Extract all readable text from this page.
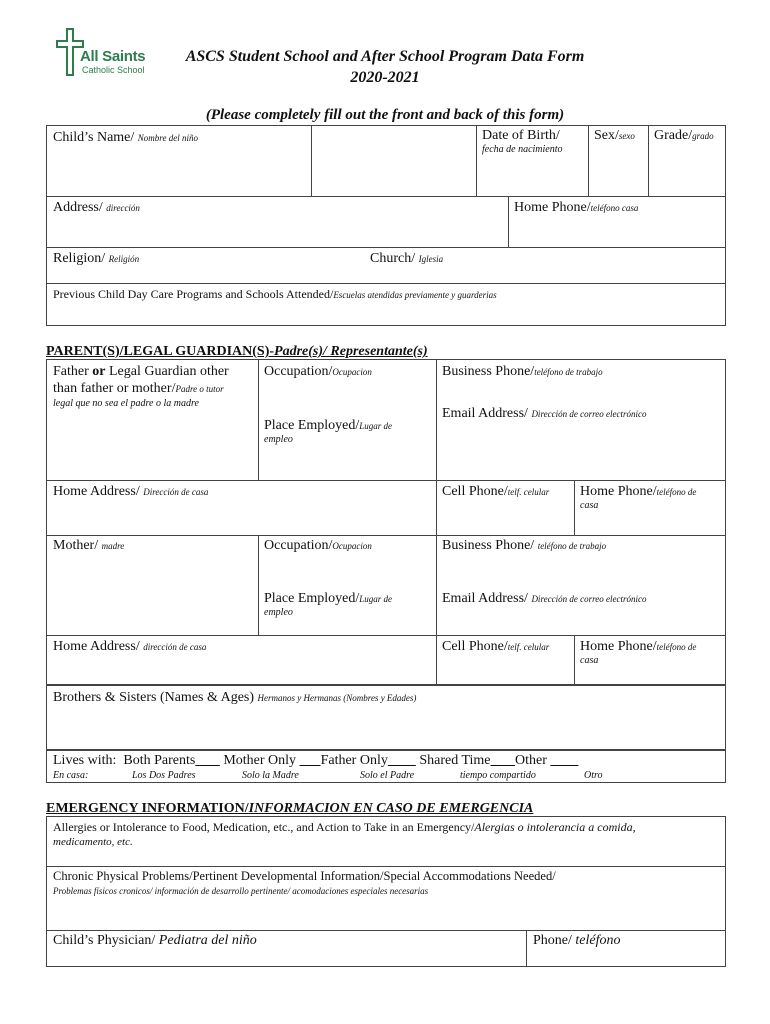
All Saints
Catholic School
ASCS Student School and After School Program Data Form
2020-2021
(Please completely fill out the front and back of this form)
Child’s Name/ Nombre del niño	Date of Birth/
fecha de nacimiento
Sex/sexo Grade/grado
Address/ dirección	Home Phone/teléfono casa
Religion/ Religión	Church/ Iglesia
Previous Child Day Care Programs and Schools Attended/Escuelas atendidas previamente y guarderias
PARENT(S)/LEGAL GUARDIAN(S)-Padre(s)/ Representante(s)
Father or Legal Guardian other
than father or mother/Padre o tutor
legal que no sea el padre o la madre
Occupation/Ocupacion	Business Phone/teléfono de trabajo
Place Employed/Lugar de
empleo
Email Address/ Dirección de correo electrónico
Home Address/ Dirección de casa	Cell Phone/telf. celular Home Phone/teléfono de
casa
Mother/ madre	Occupation/Ocupacion	Business Phone/ teléfono de trabajo
Place Employed/Lugar de
empleo
Email Address/ Dirección de correo electrónico
Home Address/ dirección de casa	Cell Phone/telf. celular Home Phone/teléfono de
casa
Brothers & Sisters (Names & Ages) Hermanos y Hermanas (Nombres y Edades)
Lives with: Both Parents Mother Only Father Only Shared Time Other
En casa:	Los Dos Padres	Solo la Madre	Solo el Padre	tiempo compartido	Otro
EMERGENCY INFORMATION/INFORMACION EN CASO DE EMERGENCIA
Allergies or Intolerance to Food, Medication, etc., and Action to Take in an Emergency/Alergias o intolerancia a comida,
medicamento, etc.
Chronic Physical Problems/Pertinent Developmental Information/Special Accommodations Needed/
Problemas físicos cronicos/ información de desarrollo pertinente/ acomodaciones especiales necesarias
Child’s Physician/ Pediatra del niño	Phone/ teléfono
